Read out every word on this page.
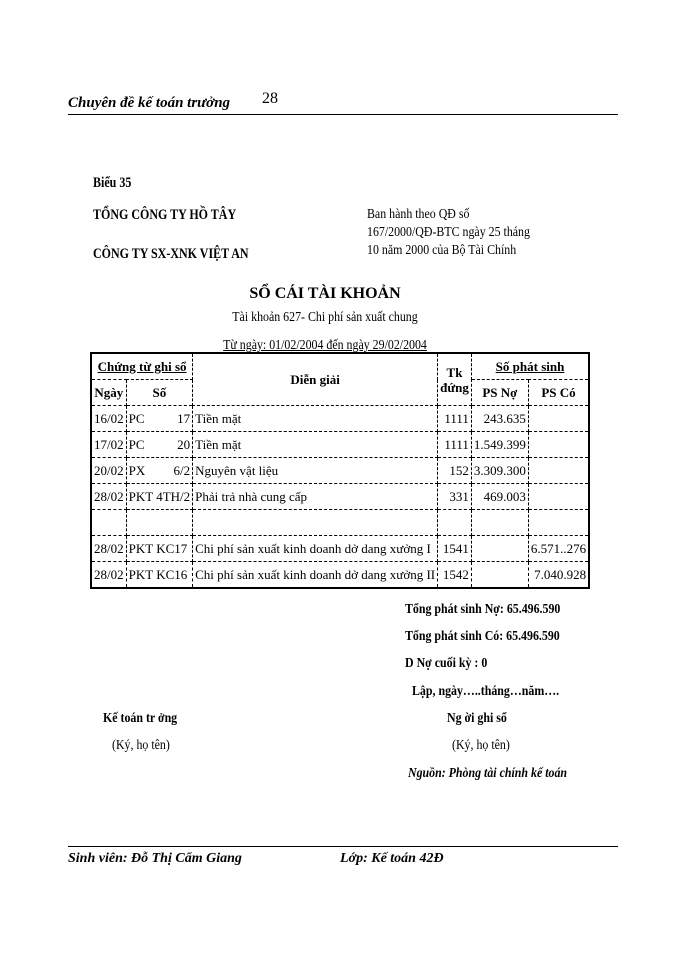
Chuyên đề kế toán trưởng 28
Biểu 35
TỔNG CÔNG TY HỒ TÂY
CÔNG TY SX-XNK VIỆT AN
Ban hành theo QĐ số 167/2000/QĐ-BTC ngày 25 tháng 10 năm 2000 của Bộ Tài Chính
SỔ CÁI TÀI KHOẢN
Tài khoản 627- Chi phí sản xuất chung
Từ ngày: 01/02/2004 đến ngày 29/02/2004
Chứng từ ghi sổ		Diễn giải	Tk đứng	Số phát sinh	
Ngày	Số			PS Nợ	PS Có
16/02	PC 17	Tiền mặt	1111	243.635	
17/02	PC 20	Tiền mặt	1111	1.549.399	
20/02	PX 6/2	Nguyên vật liệu	152	3.309.300	
28/02	PKT 4TH/2	Phải trả nhà cung cấp	331	469.003	

28/02	PKT KC17	Chi phí sản xuất kinh doanh dở dang xưởng I	1541		6.571..276
28/02	PKT KC16	Chi phí sản xuất kinh doanh dở dang xưởng II	1542		7.040.928
Tổng phát sinh Nợ: 65.496.590
Tổng phát sinh Có: 65.496.590
D Nợ cuối kỳ : 0
Lập, ngày…..tháng…năm….
Kế toán tr ởng
(Ký, họ tên)
Ng ời ghi sổ
(Ký, họ tên)
Nguồn: Phòng tài chính kế toán
Sinh viên: Đỗ Thị Cẩm Giang	Lớp: Kế toán 42Đ
